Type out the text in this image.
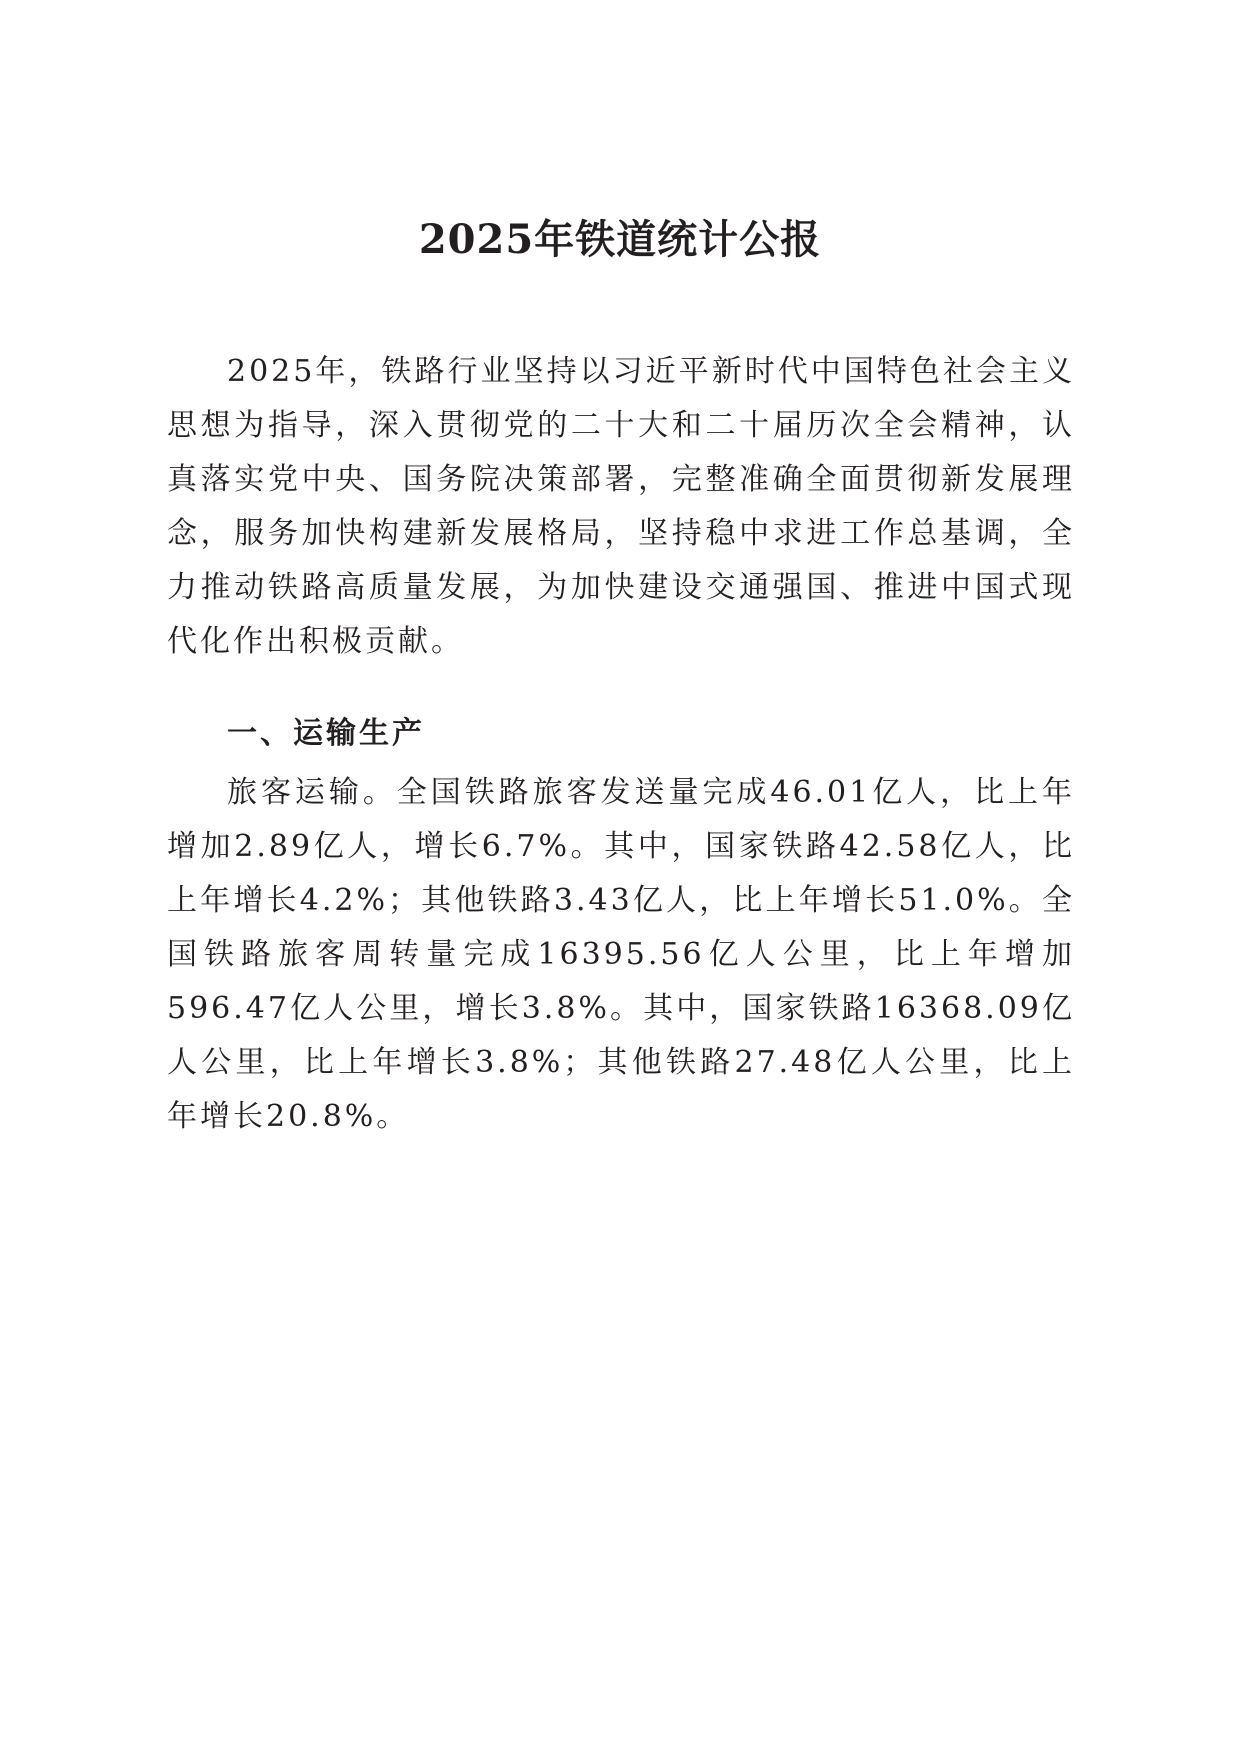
2025年铁道统计公报

2025年，铁路行业坚持以习近平新时代中国特色社会主义思想为指导，深入贯彻党的二十大和二十届历次全会精神，认真落实党中央、国务院决策部署，完整准确全面贯彻新发展理念，服务加快构建新发展格局，坚持稳中求进工作总基调，全力推动铁路高质量发展，为加快建设交通强国、推进中国式现代化作出积极贡献。

一、运输生产

旅客运输。全国铁路旅客发送量完成46.01亿人，比上年增加2.89亿人，增长6.7%。其中，国家铁路42.58亿人，比上年增长4.2%；其他铁路3.43亿人，比上年增长51.0%。全国铁路旅客周转量完成16395.56亿人公里，比上年增加596.47亿人公里，增长3.8%。其中，国家铁路16368.09亿人公里，比上年增长3.8%；其他铁路27.48亿人公里，比上年增长20.8%。
